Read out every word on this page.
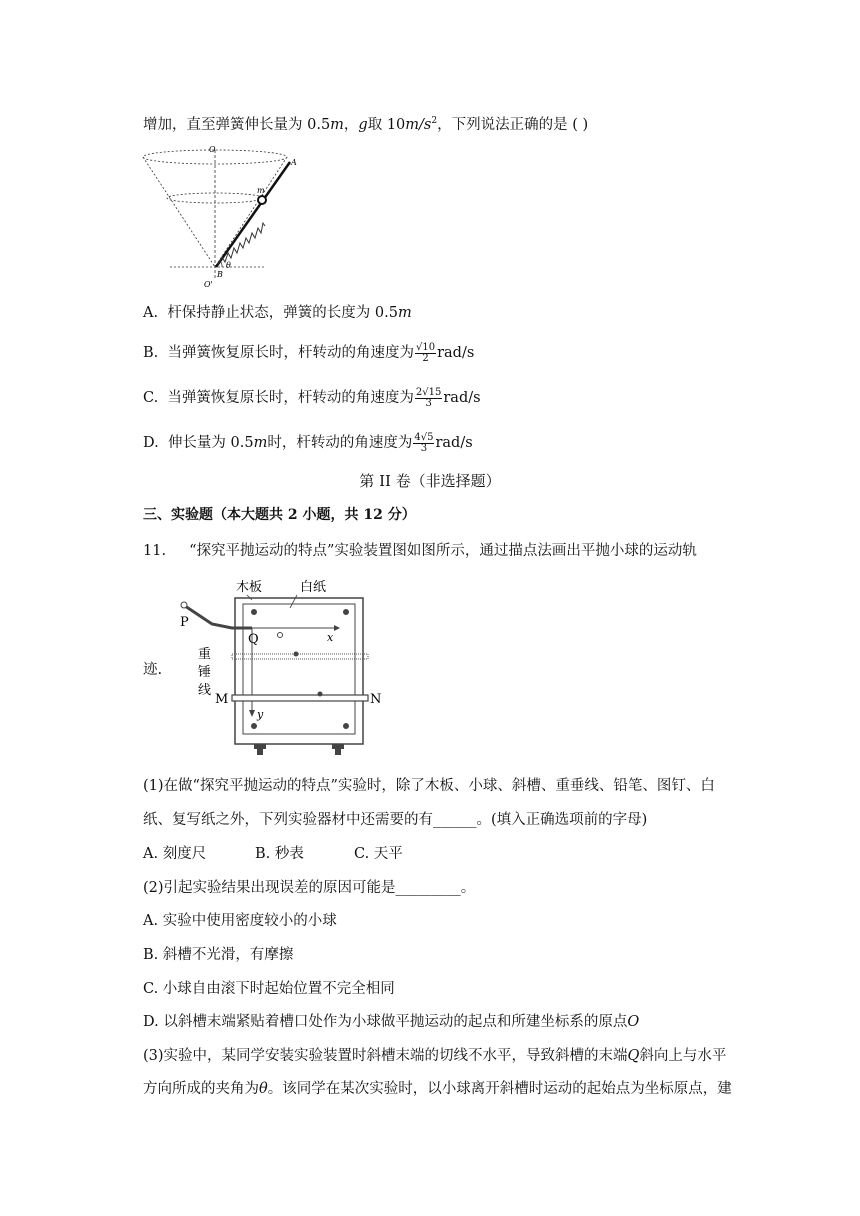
增加，直至弹簧伸长量为 0.5m，g取 $10m/s^2$，下列说法正确的是 ( )
O
A
m
B
θ
O'
A. 杆保持静止状态，弹簧的长度为 0.5m
B. 当弹簧恢复原长时，杆转动的角速度为 $\frac{√10}{2} rad/s$
C. 当弹簧恢复原长时，杆转动的角速度为 $\frac{2√15}{3} rad/s$
D. 伸长量为 0.5m时，杆转动的角速度为 $\frac{4√5}{3} rad/s$
第 II 卷（非选择题）
三、实验题（本大题共 2 小题，共 12 分）
11. “探究平抛运动的特点”实验装置图如图所示，通过描点法画出平抛小球的运动轨
迹.
木板	白纸
P
Q	x
重
锤
线
M	N
y
(1)在做“探究平抛运动的特点”实验时，除了木板、小球、斜槽、重垂线、铅笔、图钉、白
纸、复写纸之外，下列实验器材中还需要的有______。(填入正确选项前的字母)
A. 刻度尺	B. 秒表	C. 天平
(2)引起实验结果出现误差的原因可能是_________。
A. 实验中使用密度较小的小球
B. 斜槽不光滑，有摩擦
C. 小球自由滚下时起始位置不完全相同
D. 以斜槽末端紧贴着槽口处作为小球做平抛运动的起点和所建坐标系的原点O
(3)实验中，某同学安装实验装置时斜槽末端的切线不水平，导致斜槽的末端Q斜向上与水平
方向所成的夹角为θ。该同学在某次实验时，以小球离开斜槽时运动的起始点为坐标原点，建
